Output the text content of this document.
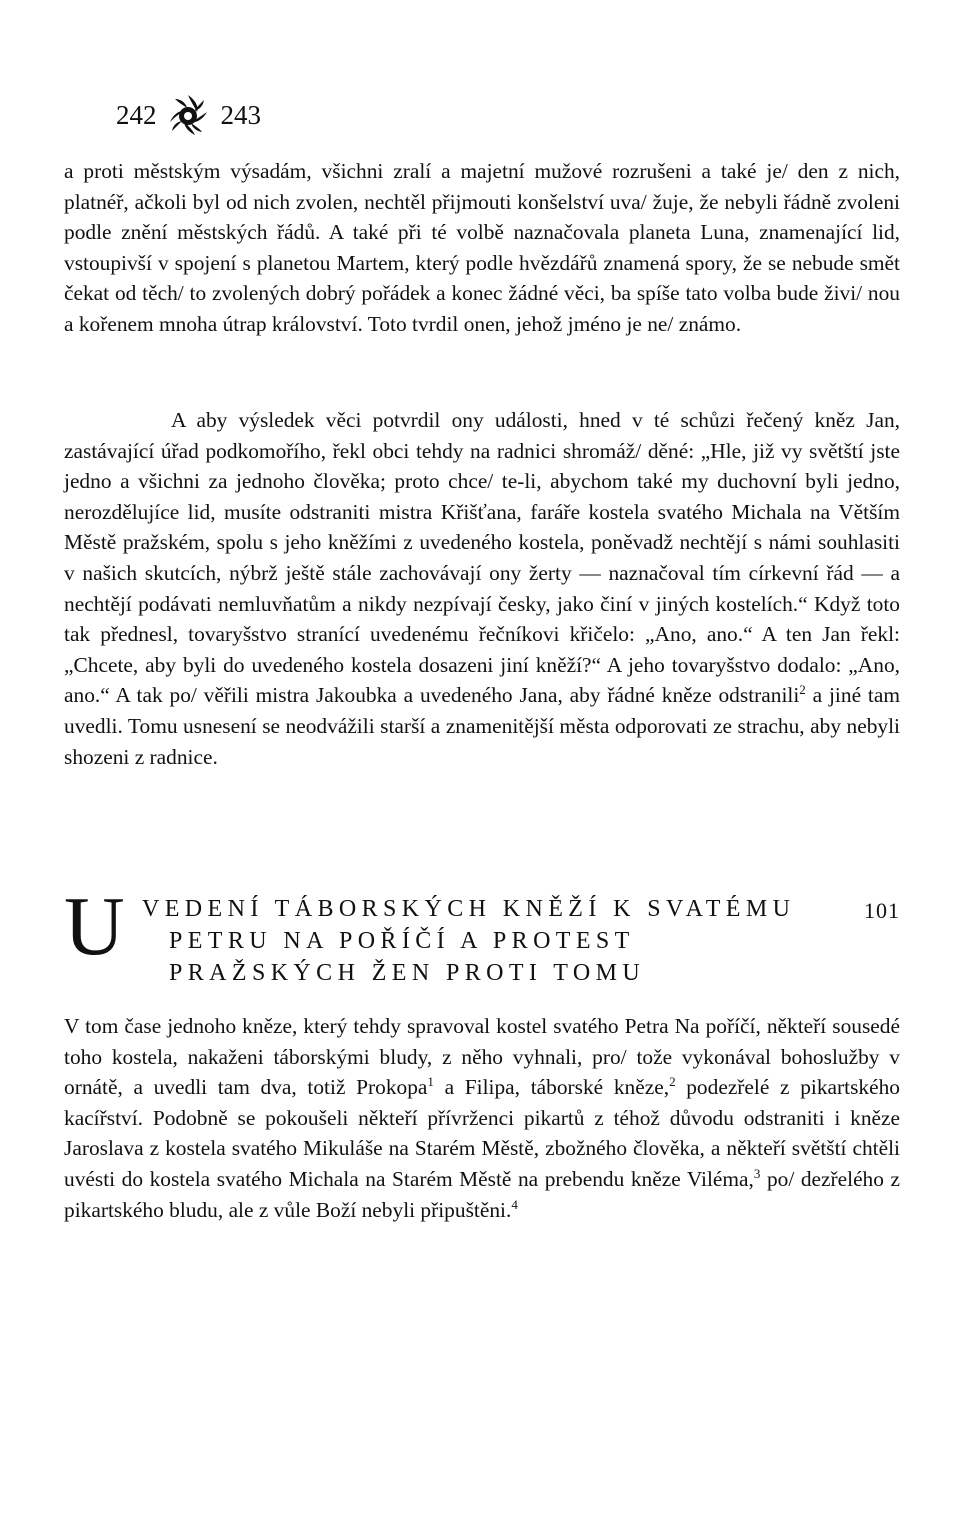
242 243

a proti městským výsadám, všichni zralí a majetní mužové rozrušeni a také je/ den z nich, platnéř, ačkoli byl od nich zvolen, nechtěl přijmouti konšelství uva/ žuje, že nebyli řádně zvoleni podle znění městských řádů. A také při té volbě naznačovala planeta Luna, znamenající lid, vstoupivší v spojení s planetou Martem, který podle hvězdářů znamená spory, že se nebude smět čekat od těch/ to zvolených dobrý pořádek a konec žádné věci, ba spíše tato volba bude živi/ nou a kořenem mnoha útrap království. Toto tvrdil onen, jehož jméno je ne/ známo.

A aby výsledek věci potvrdil ony události, hned v té schůzi řečený kněz Jan, zastávající úřad podkomořího, řekl obci tehdy na radnici shromáž/ děné: „Hle, již vy světští jste jedno a všichni za jednoho člověka; proto chce/ te-li, abychom také my duchovní byli jedno, nerozdělujíce lid, musíte odstraniti mistra Křišťana, faráře kostela svatého Michala na Větším Městě pražském, spolu s jeho kněžími z uvedeného kostela, poněvadž nechtějí s námi souhlasiti v našich skutcích, nýbrž ještě stále zachovávají ony žerty — naznačoval tím církevní řád — a nechtějí podávati nemluvňatům a nikdy nezpívají česky, jako činí v jiných kostelích.“ Když toto tak přednesl, tovaryšstvo stranící uvedenému řečníkovi křičelo: „Ano, ano.“ A ten Jan řekl: „Chcete, aby byli do uvedeného kostela dosazeni jiní kněží?“ A jeho tovaryšstvo dodalo: „Ano, ano.“ A tak po/ věřili mistra Jakoubka a uvedeného Jana, aby řádné kněze odstranili$^2$ a jiné tam uvedli. Tomu usnesení se neodvážili starší a znamenitější města odporovati ze strachu, aby nebyli shozeni z radnice.

U VEDENÍ TÁBORSKÝCH KNĚŽÍ K SVATÉMU
PETRU NA POŘÍČÍ A PROTEST
PRAŽSKÝCH ŽEN PROTI TOMU
101

V tom čase jednoho kněze, který tehdy spravoval kostel svatého Petra Na poříčí, někteří sousedé toho kostela, nakaženi táborskými bludy, z něho vyhnali, pro/ tože vykonával bohoslužby v ornátě, a uvedli tam dva, totiž Prokopa$^1$ a Filipa, táborské kněze,$^2$ podezřelé z pikartského kacířství. Podobně se pokoušeli někteří přívrženci pikartů z téhož důvodu odstraniti i kněze Jaroslava z kostela svatého Mikuláše na Starém Městě, zbožného člověka, a někteří světští chtěli uvésti do kostela svatého Michala na Starém Městě na prebendu kněze Viléma,$^3$ po/ dezřelého z pikartského bludu, ale z vůle Boží nebyli připuštěni.$^4$
